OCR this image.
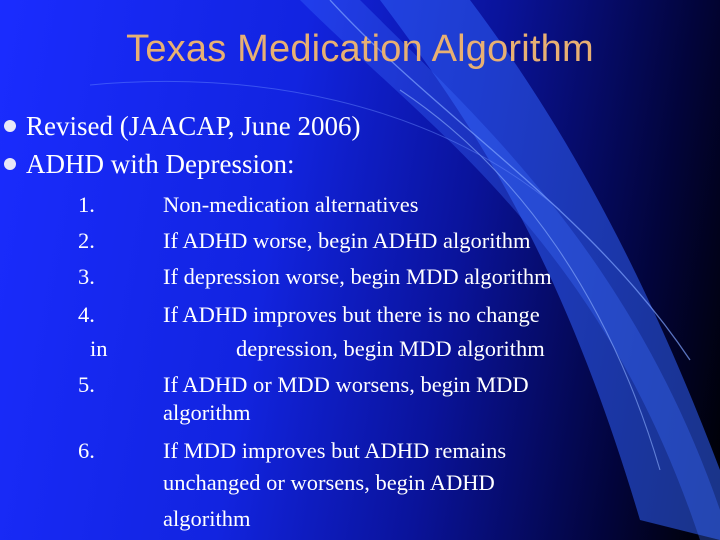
Texas Medication Algorithm
Revised (JAACAP, June 2006)
ADHD with Depression:
1.	Non-medication alternatives
2.	If ADHD worse, begin ADHD algorithm
3.	If depression worse, begin MDD algorithm
4.	If ADHD improves but there is no change
in	depression, begin MDD algorithm
5.	If ADHD or MDD worsens, begin MDD
algorithm
6.	If MDD improves but ADHD remains
unchanged or worsens, begin ADHD
algorithm
